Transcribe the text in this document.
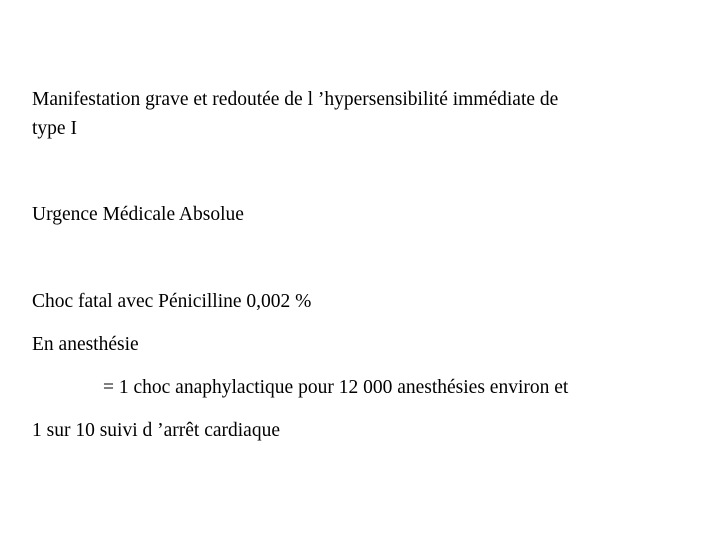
Manifestation grave et redoutée de l ’hypersensibilité immédiate de
type I
Urgence Médicale Absolue
Choc fatal avec Pénicilline 0,002 %
En anesthésie
= 1 choc anaphylactique pour 12 000 anesthésies environ et
1 sur 10 suivi d ’arrêt cardiaque
